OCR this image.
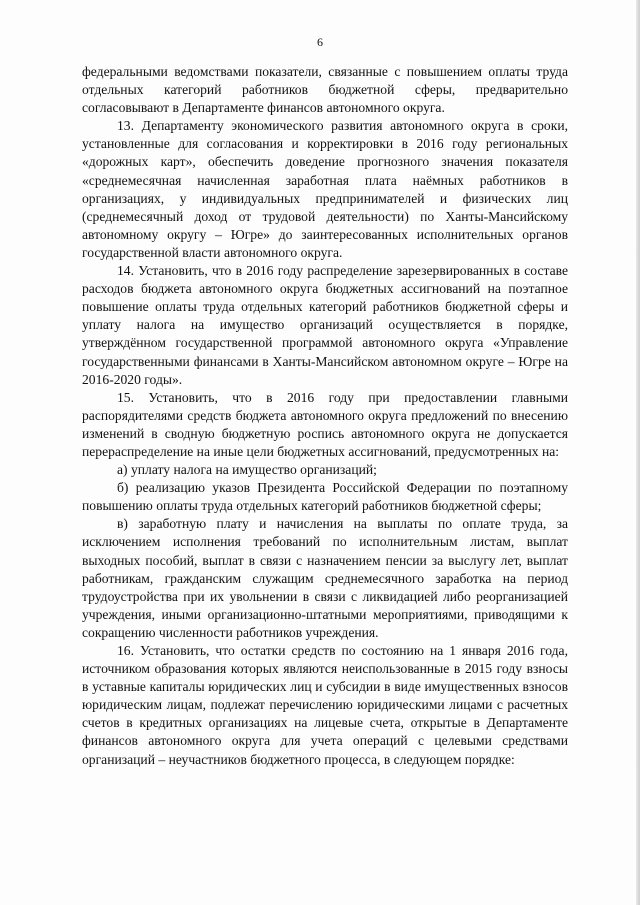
6

федеральными ведомствами показатели, связанные с повышением оплаты труда отдельных категорий работников бюджетной сферы, предварительно согласовывают в Департаменте финансов автономного округа.

13. Департаменту экономического развития автономного округа в сроки, установленные для согласования и корректировки в 2016 году региональных «дорожных карт», обеспечить доведение прогнозного значения показателя «среднемесячная начисленная заработная плата наёмных работников в организациях, у индивидуальных предпринимателей и физических лиц (среднемесячный доход от трудовой деятельности) по Ханты-Мансийскому автономному округу – Югре» до заинтересованных исполнительных органов государственной власти автономного округа.

14. Установить, что в 2016 году распределение зарезервированных в составе расходов бюджета автономного округа бюджетных ассигнований на поэтапное повышение оплаты труда отдельных категорий работников бюджетной сферы и уплату налога на имущество организаций осуществляется в порядке, утверждённом государственной программой автономного округа «Управление государственными финансами в Ханты-Мансийском автономном округе – Югре на 2016-2020 годы».

15. Установить, что в 2016 году при предоставлении главными распорядителями средств бюджета автономного округа предложений по внесению изменений в сводную бюджетную роспись автономного округа не допускается перераспределение на иные цели бюджетных ассигнований, предусмотренных на:

а) уплату налога на имущество организаций;

б) реализацию указов Президента Российской Федерации по поэтапному повышению оплаты труда отдельных категорий работников бюджетной сферы;

в) заработную плату и начисления на выплаты по оплате труда, за исключением исполнения требований по исполнительным листам, выплат выходных пособий, выплат в связи с назначением пенсии за выслугу лет, выплат работникам, гражданским служащим среднемесячного заработка на период трудоустройства при их увольнении в связи с ликвидацией либо реорганизацией учреждения, иными организационно-штатными мероприятиями, приводящими к сокращению численности работников учреждения.

16. Установить, что остатки средств по состоянию на 1 января 2016 года, источником образования которых являются неиспользованные в 2015 году взносы в уставные капиталы юридических лиц и субсидии в виде имущественных взносов юридическим лицам, подлежат перечислению юридическими лицами с расчетных счетов в кредитных организациях на лицевые счета, открытые в Департаменте финансов автономного округа для учета операций с целевыми средствами организаций – неучастников бюджетного процесса, в следующем порядке:
